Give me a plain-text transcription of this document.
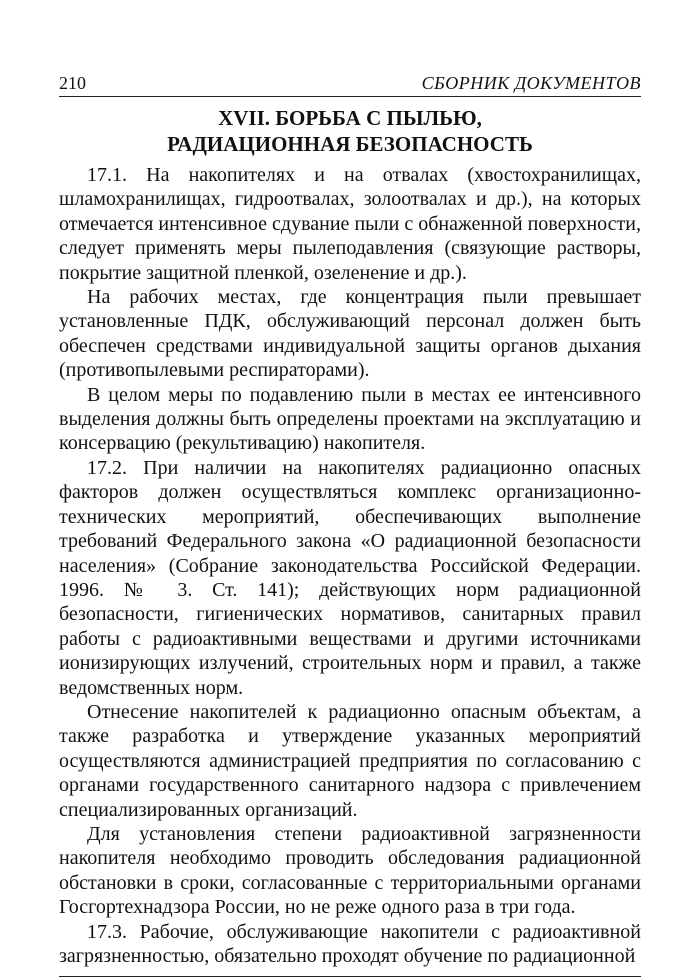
210	СБОРНИК ДОКУМЕНТОВ
XVII. БОРЬБА С ПЫЛЬЮ,
РАДИАЦИОННАЯ БЕЗОПАСНОСТЬ

17.1. На накопителях и на отвалах (хвостохранилищах, шламохранилищах, гидроотвалах, золоотвалах и др.), на которых отмечается интенсивное сдувание пыли с обнаженной поверхности, следует применять меры пылеподавления (связующие растворы, покрытие защитной пленкой, озеленение и др.).

На рабочих местах, где концентрация пыли превышает установленные ПДК, обслуживающий персонал должен быть обеспечен средствами индивидуальной защиты органов дыхания (противопылевыми респираторами).

В целом меры по подавлению пыли в местах ее интенсивного выделения должны быть определены проектами на эксплуатацию и консервацию (рекультивацию) накопителя.

17.2. При наличии на накопителях радиационно опасных факторов должен осуществляться комплекс организационно-технических мероприятий, обеспечивающих выполнение требований Федерального закона «О радиационной безопасности населения» (Собрание законодательства Российской Федерации. 1996. № 3. Ст. 141); действующих норм радиационной безопасности, гигиенических нормативов, санитарных правил работы с радиоактивными веществами и другими источниками ионизирующих излучений, строительных норм и правил, а также ведомственных норм.

Отнесение накопителей к радиационно опасным объектам, а также разработка и утверждение указанных мероприятий осуществляются администрацией предприятия по согласованию с органами государственного санитарного надзора с привлечением специализированных организаций.

Для установления степени радиоактивной загрязненности накопителя необходимо проводить обследования радиационной обстановки в сроки, согласованные с территориальными органами Госгортехнадзора России, но не реже одного раза в три года.

17.3. Рабочие, обслуживающие накопители с радиоактивной загрязненностью, обязательно проходят обучение по радиационной
